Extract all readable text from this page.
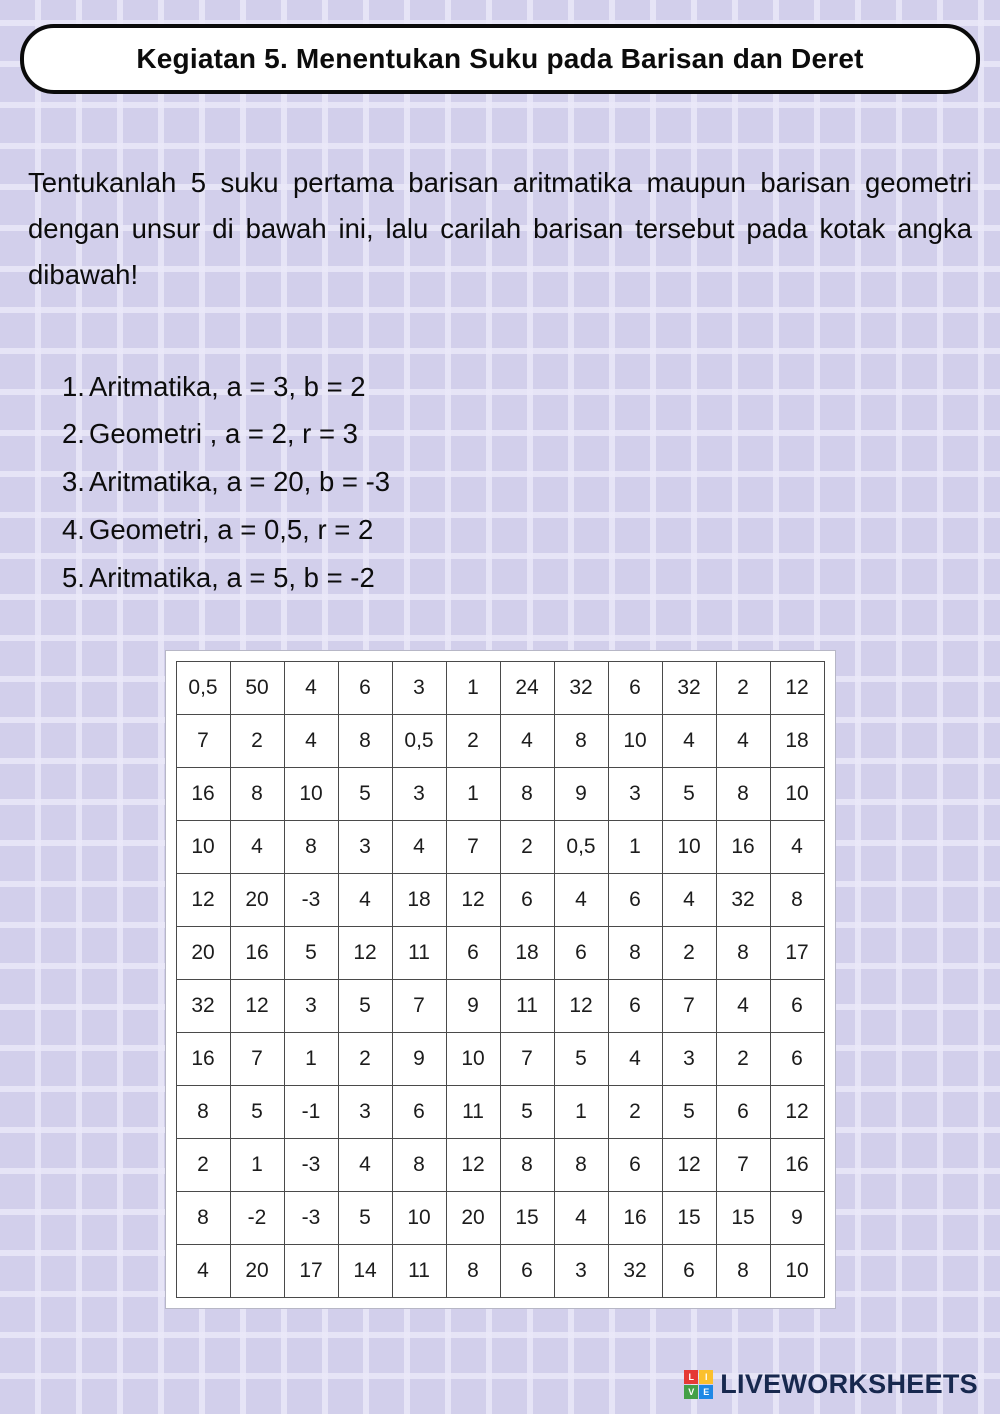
Kegiatan 5. Menentukan Suku pada Barisan dan Deret

Tentukanlah 5 suku pertama barisan aritmatika maupun barisan geometri dengan unsur di bawah ini, lalu carilah barisan tersebut pada kotak angka dibawah!

1. Aritmatika, a = 3, b = 2
2. Geometri , a = 2, r = 3
3. Aritmatika, a = 20, b = -3
4. Geometri, a = 0,5, r = 2
5. Aritmatika, a = 5, b = -2
0,5	50	4	6	3	1	24	32	6	32	2	12
7	2	4	8	0,5	2	4	8	10	4	4	18
16	8	10	5	3	1	8	9	3	5	8	10
10	4	8	3	4	7	2	0,5	1	10	16	4
12	20	-3	4	18	12	6	4	6	4	32	8
20	16	5	12	11	6	18	6	8	2	8	17
32	12	3	5	7	9	11	12	6	7	4	6
16	7	1	2	9	10	7	5	4	3	2	6
8	5	-1	3	6	11	5	1	2	5	6	12
2	1	-3	4	8	12	8	8	6	12	7	16
8	-2	-3	5	10	20	15	4	16	15	15	9
4	20	17	14	11	8	6	3	32	6	8	10
L	I
V E LIVEWORKSHEETS
